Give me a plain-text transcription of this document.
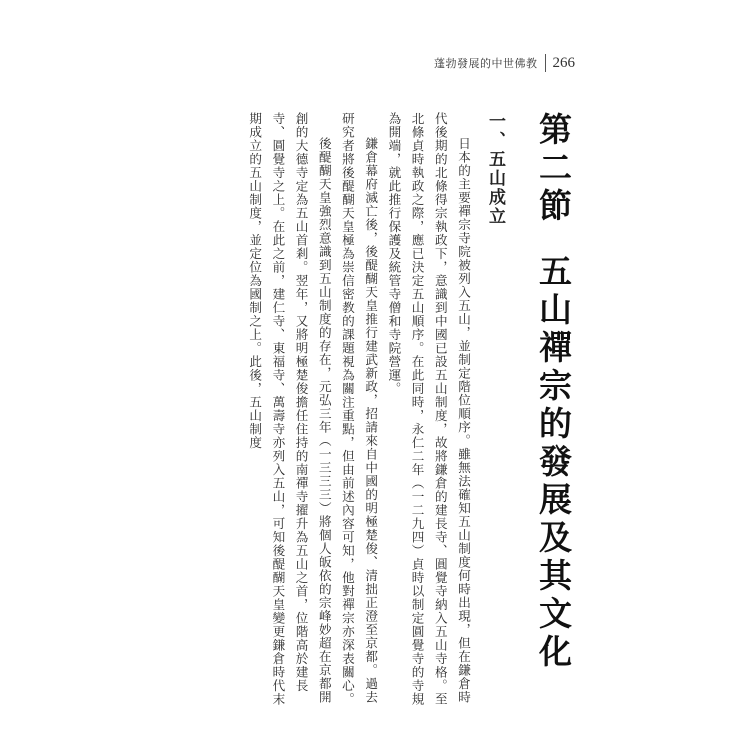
蓬勃發展的中世佛教 266
第二節五山禪宗的發展及其文化
一、五山成立

日本的主要禪宗寺院被列入五山，並制定階位順序。雖無法確知五山制度何時出現，但在鎌倉時代後期的北條得宗執政下，意識到中國已設五山制度，故將鎌倉的建長寺、圓覺寺納入五山寺格。至北條貞時執政之際，應已決定五山順序。在此同時，永仁二年（一二九四）貞時以制定圓覺寺的寺規為開端，就此推行保護及統管寺僧和寺院營運。

鎌倉幕府滅亡後，後醍醐天皇推行建武新政，招請來自中國的明極楚俊、清拙正澄至京都。過去研究者將後醍醐天皇極為崇信密教的課題視為關注重點，但由前述內容可知，他對禪宗亦深表關心。

後醍醐天皇強烈意識到五山制度的存在，元弘三年（一三三三）將個人皈依的宗峰妙超在京都開創的大德寺定為五山首剎。翌年，又將明極楚俊擔任住持的南禪寺擢升為五山之首，位階高於建長寺、圓覺寺之上。在此之前，建仁寺、東福寺、萬壽寺亦列入五山，可知後醍醐天皇變更鎌倉時代末期成立的五山制度，並定位為國制之上。此後，五山制度
